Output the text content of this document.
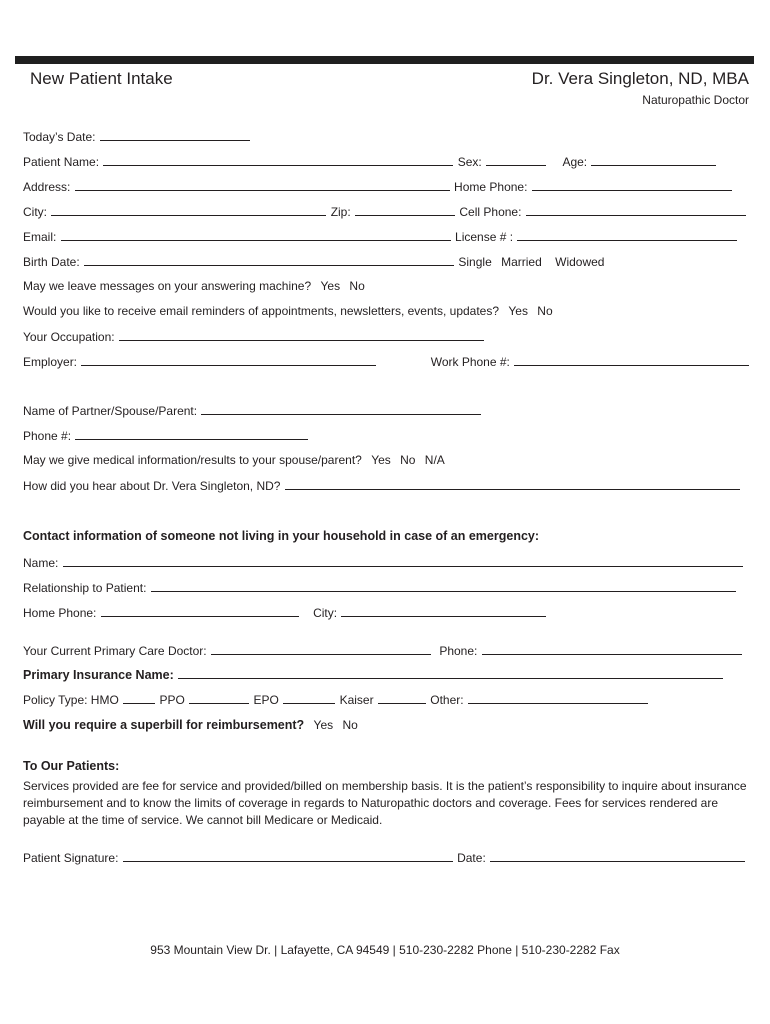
New Patient Intake	Dr. Vera Singleton, ND, MBA
Naturopathic Doctor
Today’s Date:
Patient Name:	Sex:	Age:
Address:	Home Phone:
City:	Zip:	Cell Phone:
Email:	License # :
Birth Date:	Single Married Widowed
May we leave messages on your answering machine? Yes No
Would you like to receive email reminders of appointments, newsletters, events, updates? Yes No
Your Occupation:
Employer:	Work Phone #:
Name of Partner/Spouse/Parent:
Phone #:
May we give medical information/results to your spouse/parent? Yes No N/A
How did you hear about Dr. Vera Singleton, ND?
Contact information of someone not living in your household in case of an emergency:
Name:
Relationship to Patient:
Home Phone:	City:
Your Current Primary Care Doctor:	Phone:
Primary Insurance Name:
Policy Type: HMO	PPO	EPO	Kaiser	Other:
Will you require a superbill for reimbursement? Yes No
To Our Patients:
Services provided are fee for service and provided/billed on membership basis. It is the patient’s responsibility to inquire about insurance reimbursement and to know the limits of coverage in regards to Naturopathic doctors and coverage. Fees for services rendered are payable at the time of service. We cannot bill Medicare or Medicaid.
Patient Signature:	Date:
953 Mountain View Dr. | Lafayette, CA 94549 | 510-230-2282 Phone | 510-230-2282 Fax
